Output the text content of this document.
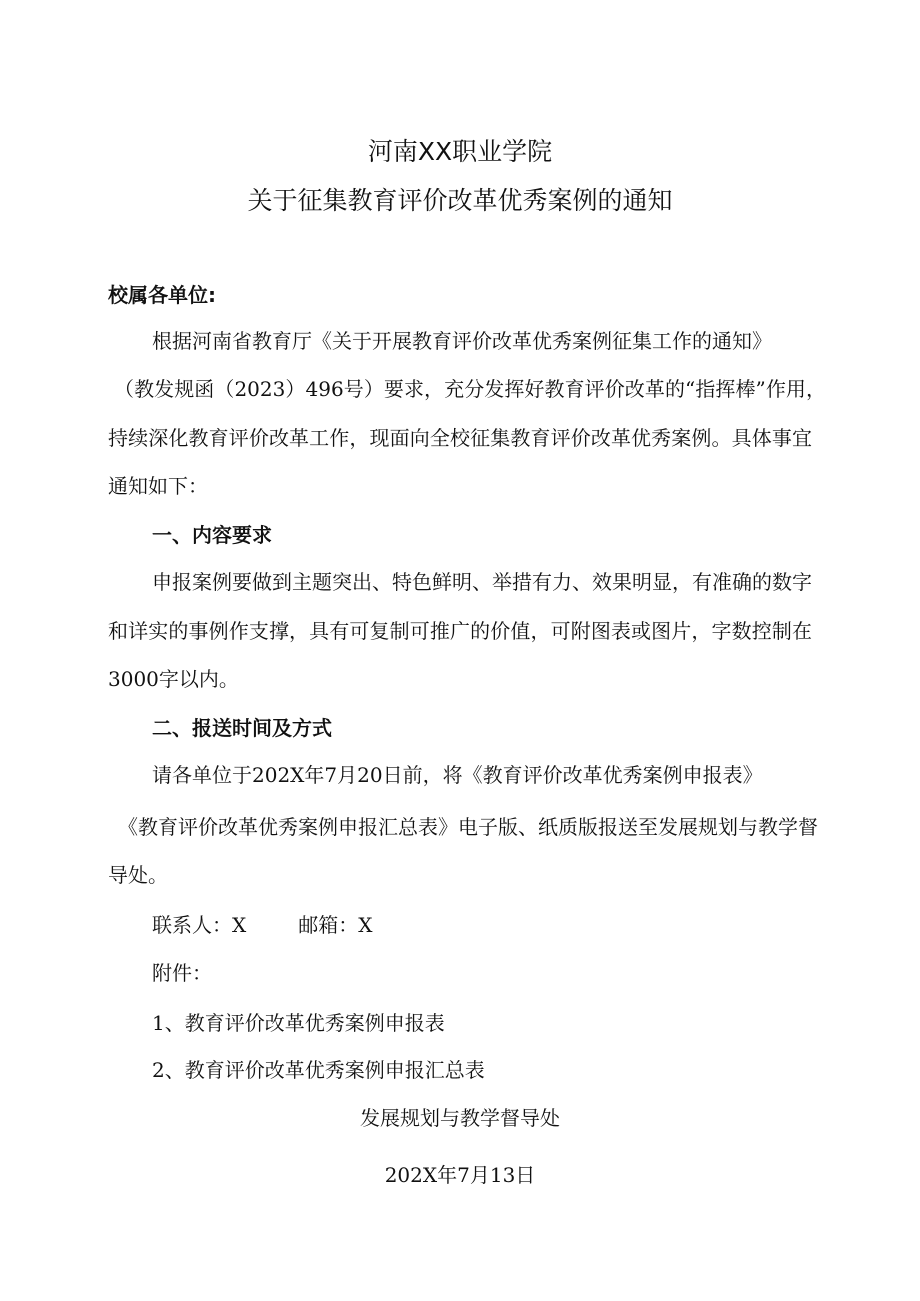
河南XX职业学院
关于征集教育评价改革优秀案例的通知
校属各单位:
根据河南省教育厅《关于开展教育评价改革优秀案例征集工作的通知》
（教发规函（2023）496号）要求，充分发挥好教育评价改革的“指挥棒”作用，
持续深化教育评价改革工作，现面向全校征集教育评价改革优秀案例。具体事宜
通知如下：
一、内容要求
申报案例要做到主题突出、特色鲜明、举措有力、效果明显，有准确的数字
和详实的事例作支撑，具有可复制可推广的价值，可附图表或图片，字数控制在
3000字以内。
二、报送时间及方式
请各单位于202X年7月20日前，将《教育评价改革优秀案例申报表》
《教育评价改革优秀案例申报汇总表》电子版、纸质版报送至发展规划与教学督
导处。
联系人：X	邮箱：X
附件：
1、教育评价改革优秀案例申报表
2、教育评价改革优秀案例申报汇总表
发展规划与教学督导处
202X年7月13日
